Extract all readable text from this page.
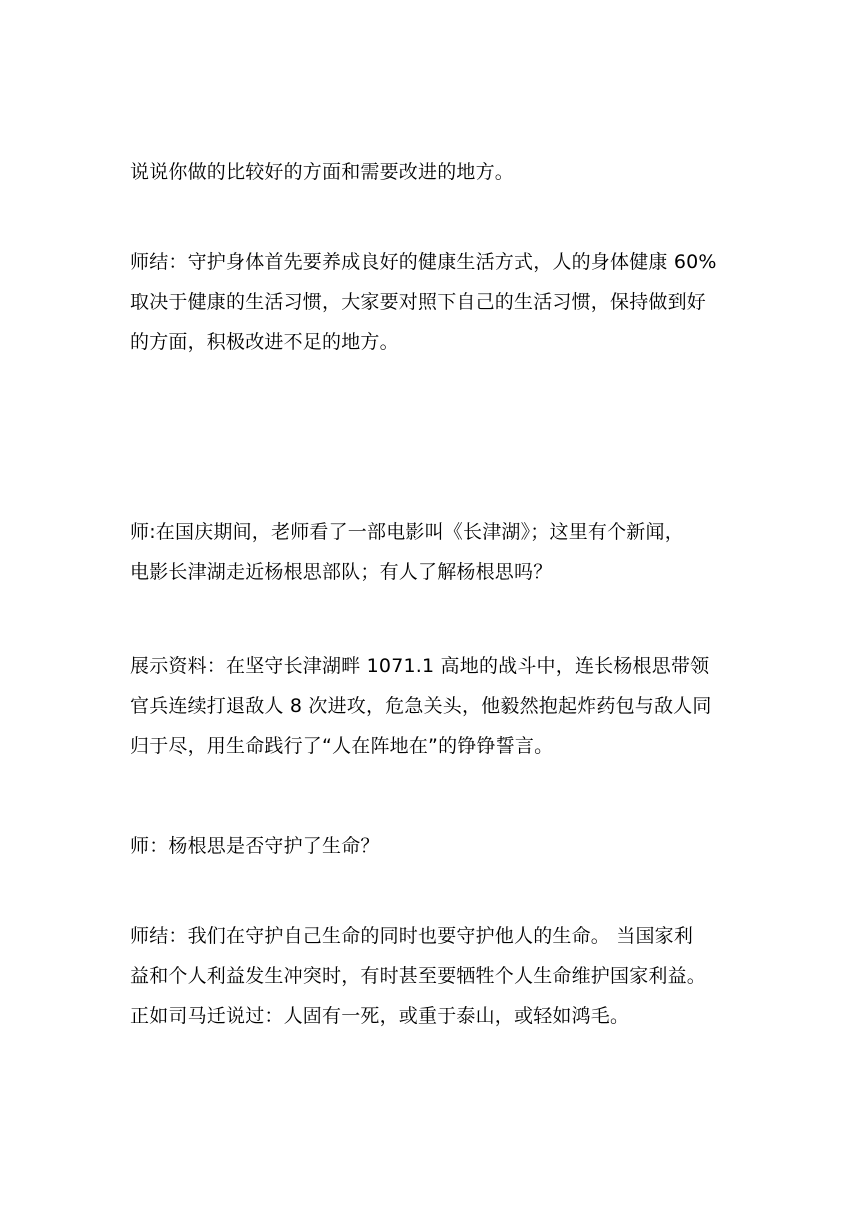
说说你做的比较好的方面和需要改进的地方。

师结：守护身体首先要养成良好的健康生活方式，人的身体健康 60%
取决于健康的生活习惯，大家要对照下自己的生活习惯，保持做到好
的方面，积极改进不足的地方。

师:在国庆期间，老师看了一部电影叫《长津湖》；这里有个新闻，
电影长津湖走近杨根思部队；有人了解杨根思吗？

展示资料：在坚守长津湖畔 1071.1 高地的战斗中，连长杨根思带领
官兵连续打退敌人 8 次进攻，危急关头，他毅然抱起炸药包与敌人同
归于尽，用生命践行了“人在阵地在”的铮铮誓言。

师：杨根思是否守护了生命？

师结：我们在守护自己生命的同时也要守护他人的生命。 当国家利
益和个人利益发生冲突时，有时甚至要牺牲个人生命维护国家利益。
正如司马迁说过：人固有一死，或重于泰山，或轻如鸿毛。
